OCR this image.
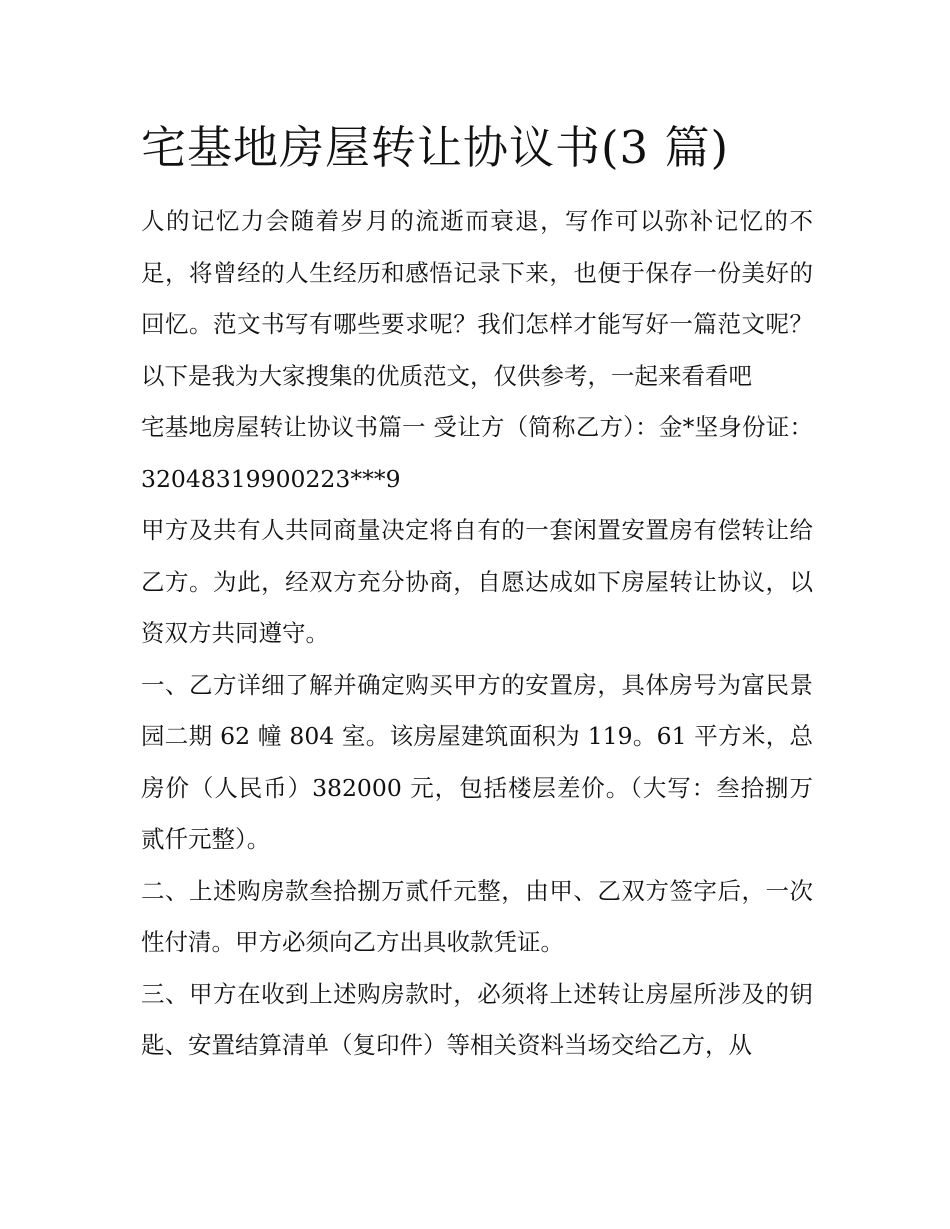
宅基地房屋转让协议书(3 篇)

人的记忆力会随着岁月的流逝而衰退，写作可以弥补记忆的不足，将曾经的人生经历和感悟记录下来，也便于保存一份美好的回忆。范文书写有哪些要求呢？我们怎样才能写好一篇范文呢？以下是我为大家搜集的优质范文，仅供参考，一起来看看吧

宅基地房屋转让协议书篇一 受让方（简称乙方）：金*坚身份证：32048319900223***9

甲方及共有人共同商量决定将自有的一套闲置安置房有偿转让给乙方。为此，经双方充分协商，自愿达成如下房屋转让协议，以资双方共同遵守。

一、乙方详细了解并确定购买甲方的安置房，具体房号为富民景园二期 62 幢 804 室。该房屋建筑面积为 119。61 平方米，总房价（人民币）382000 元，包括楼层差价。（大写：叁拾捌万贰仟元整）。

二、上述购房款叁拾捌万贰仟元整，由甲、乙双方签字后，一次性付清。甲方必须向乙方出具收款凭证。

三、甲方在收到上述购房款时，必须将上述转让房屋所涉及的钥匙、安置结算清单（复印件）等相关资料当场交给乙方，从
